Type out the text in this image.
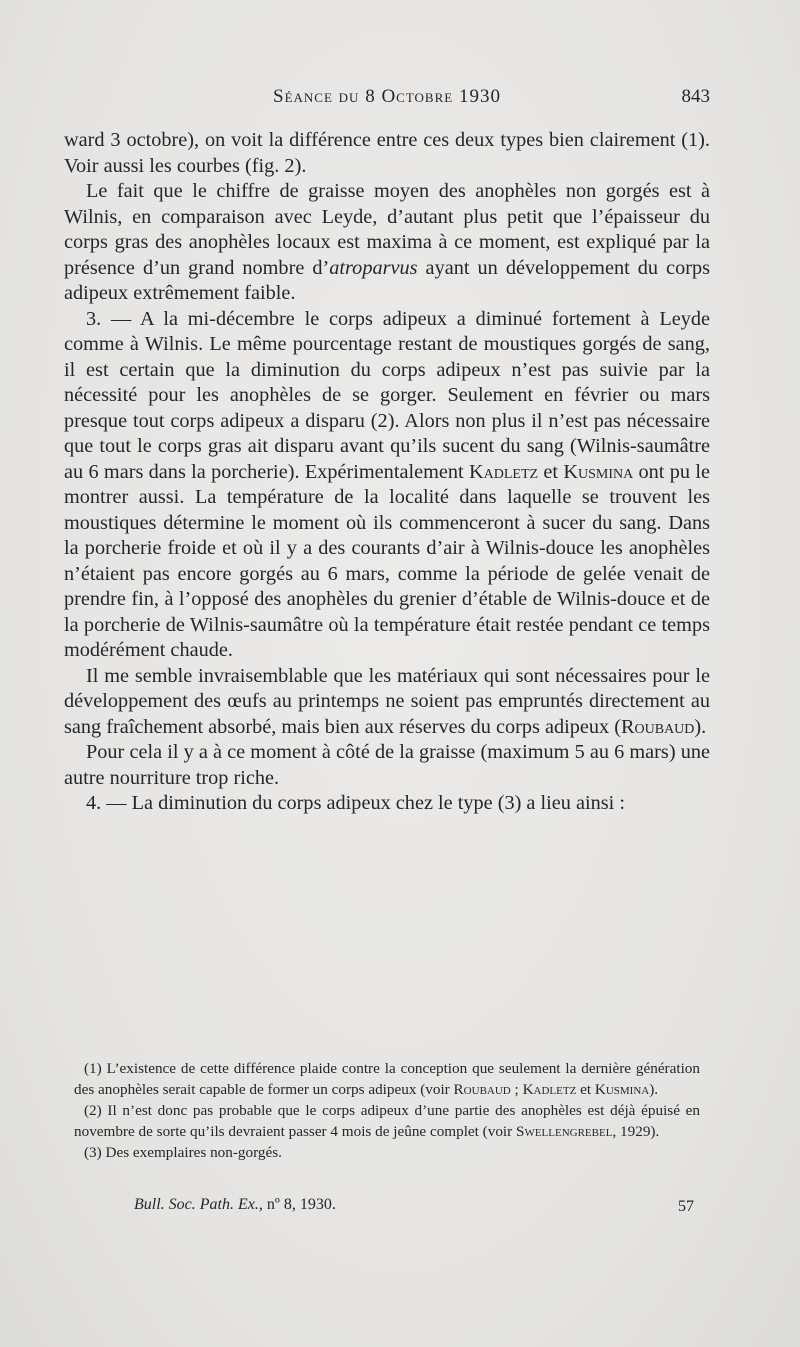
Séance du 8 Octobre 1930	843

ward 3 octobre), on voit la différence entre ces deux types bien clairement (1). Voir aussi les courbes (fig. 2).

Le fait que le chiffre de graisse moyen des anophèles non gorgés est à Wilnis, en comparaison avec Leyde, d’autant plus petit que l’épaisseur du corps gras des anophèles locaux est maxima à ce moment, est expliqué par la présence d’un grand nombre d’atroparvus ayant un développement du corps adipeux extrêmement faible.

3. — A la mi-décembre le corps adipeux a diminué fortement à Leyde comme à Wilnis. Le même pourcentage restant de moustiques gorgés de sang, il est certain que la diminution du corps adipeux n’est pas suivie par la nécessité pour les anophèles de se gorger. Seulement en février ou mars presque tout corps adipeux a disparu (2). Alors non plus il n’est pas nécessaire que tout le corps gras ait disparu avant qu’ils sucent du sang (Wilnis-saumâtre au 6 mars dans la porcherie). Expérimentalement Kadletz et Kusmina ont pu le montrer aussi. La température de la localité dans laquelle se trouvent les moustiques détermine le moment où ils commenceront à sucer du sang. Dans la porcherie froide et où il y a des courants d’air à Wilnis-douce les anophèles n’étaient pas encore gorgés au 6 mars, comme la période de gelée venait de prendre fin, à l’opposé des anophèles du grenier d’étable de Wilnis-douce et de la porcherie de Wilnis-saumâtre où la température était restée pendant ce temps modérément chaude.

Il me semble invraisemblable que les matériaux qui sont nécessaires pour le développement des œufs au printemps ne soient pas empruntés directement au sang fraîchement absorbé, mais bien aux réserves du corps adipeux (Roubaud).

Pour cela il y a à ce moment à côté de la graisse (maximum 5 au 6 mars) une autre nourriture trop riche.

4. — La diminution du corps adipeux chez le type (3) a lieu ainsi :

(1) L’existence de cette différence plaide contre la conception que seulement la dernière génération des anophèles serait capable de former un corps adipeux (voir Roubaud ; Kadletz et Kusmina).

(2) Il n’est donc pas probable que le corps adipeux d’une partie des anophèles est déjà épuisé en novembre de sorte qu’ils devraient passer 4 mois de jeûne complet (voir Swellengrebel, 1929).

(3) Des exemplaires non-gorgés.

Bull. Soc. Path. Ex., nº 8, 1930.	57
